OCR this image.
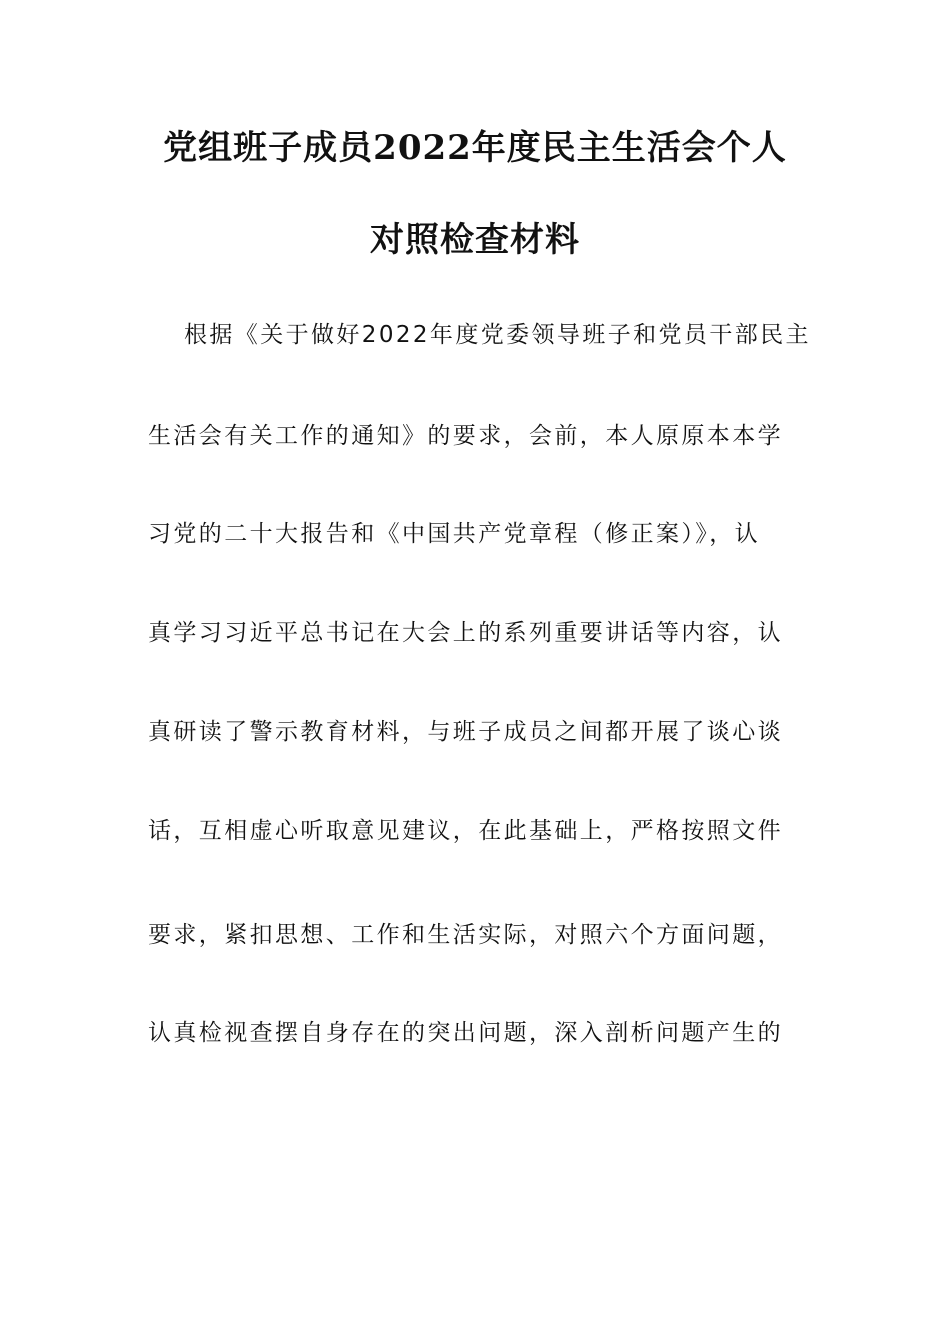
党组班子成员2022年度民主生活会个人
对照检查材料
根据《关于做好2022年度党委领导班子和党员干部民主
生活会有关工作的通知》的要求，会前，本人原原本本学
习党的二十大报告和《中国共产党章程（修正案）》，认
真学习习近平总书记在大会上的系列重要讲话等内容，认
真研读了警示教育材料，与班子成员之间都开展了谈心谈
话，互相虚心听取意见建议，在此基础上，严格按照文件
要求，紧扣思想、工作和生活实际，对照六个方面问题，
认真检视查摆自身存在的突出问题，深入剖析问题产生的
